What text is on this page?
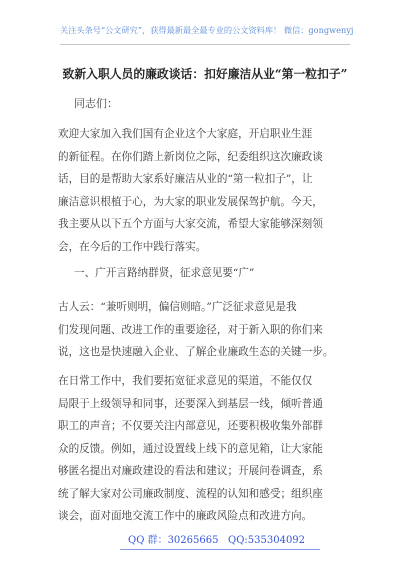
关注头条号“公文研究”，获得最新最全最专业的公文资料库！ 微信：gongwenyj
致新入职人员的廉政谈话：扣好廉洁从业“第一粒扣子”
同志们：
欢迎大家加入我们国有企业这个大家庭，开启职业生涯
的新征程。在你们踏上新岗位之际，纪委组织这次廉政谈
话，目的是帮助大家系好廉洁从业的“第一粒扣子”，让
廉洁意识根植于心，为大家的职业发展保驾护航。今天，
我主要从以下五个方面与大家交流，希望大家能够深刻领
会，在今后的工作中践行落实。
一、广开言路纳群贤，征求意见要“广”
古人云：“兼听则明，偏信则暗。”广泛征求意见是我
们发现问题、改进工作的重要途径，对于新入职的你们来
说，这也是快速融入企业、了解企业廉政生态的关键一步。
在日常工作中，我们要拓宽征求意见的渠道，不能仅仅
局限于上级领导和同事，还要深入到基层一线，倾听普通
职工的声音；不仅要关注内部意见，还要积极收集外部群
众的反馈。例如，通过设置线上线下的意见箱，让大家能
够匿名提出对廉政建设的看法和建议；开展问卷调查，系
统了解大家对公司廉政制度、流程的认知和感受；组织座
谈会，面对面地交流工作中的廉政风险点和改进方向。
QQ 群：30265665 QQ:535304092
